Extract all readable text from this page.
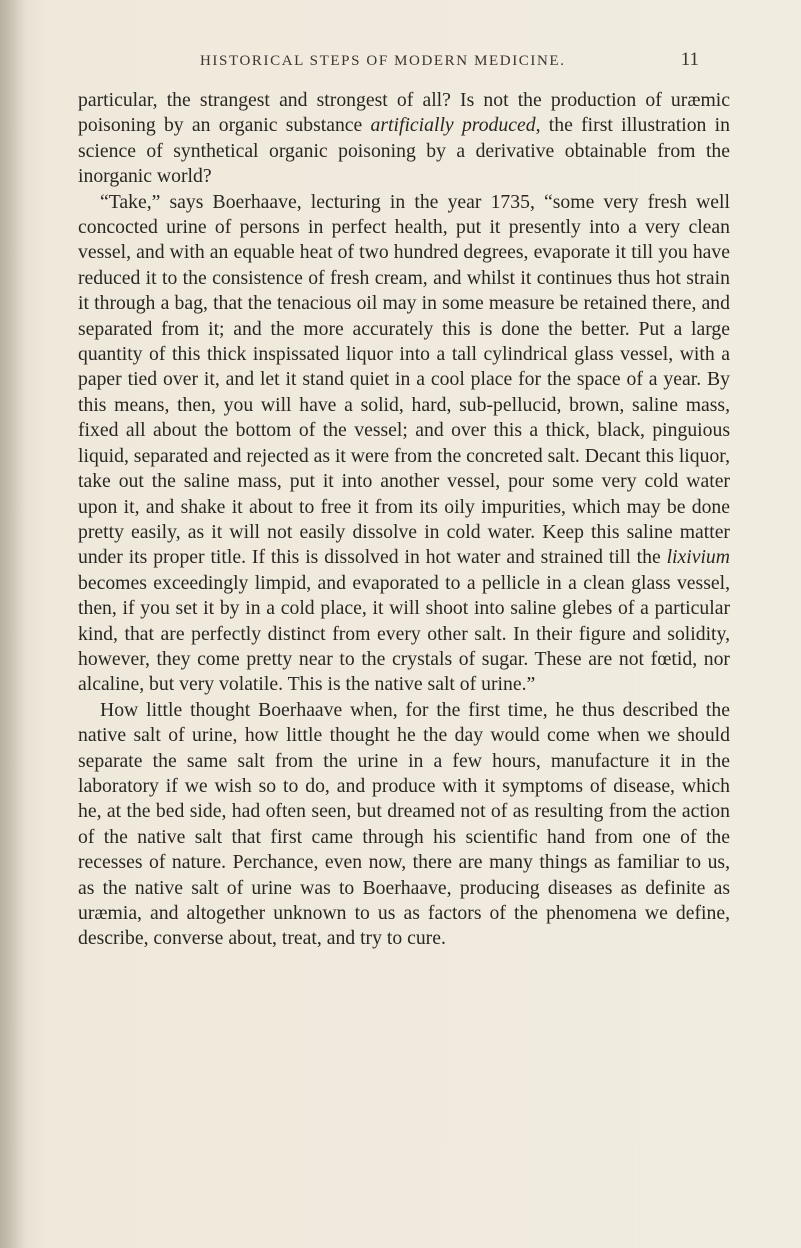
HISTORICAL STEPS OF MODERN MEDICINE.	11

particular, the strangest and strongest of all? Is not the production of uræmic poisoning by an organic substance artificially produced, the first illustration in science of synthetical organic poisoning by a derivative obtainable from the inorganic world?

“Take,” says Boerhaave, lecturing in the year 1735, “some very fresh well concocted urine of persons in perfect health, put it presently into a very clean vessel, and with an equable heat of two hundred degrees, evaporate it till you have reduced it to the consistence of fresh cream, and whilst it continues thus hot strain it through a bag, that the tenacious oil may in some measure be retained there, and separated from it; and the more accurately this is done the better. Put a large quantity of this thick inspissated liquor into a tall cylindrical glass vessel, with a paper tied over it, and let it stand quiet in a cool place for the space of a year. By this means, then, you will have a solid, hard, sub-pellucid, brown, saline mass, fixed all about the bottom of the vessel; and over this a thick, black, pinguious liquid, separated and rejected as it were from the concreted salt. Decant this liquor, take out the saline mass, put it into another vessel, pour some very cold water upon it, and shake it about to free it from its oily impurities, which may be done pretty easily, as it will not easily dissolve in cold water. Keep this saline matter under its proper title. If this is dissolved in hot water and strained till the lixivium becomes exceedingly limpid, and evaporated to a pellicle in a clean glass vessel, then, if you set it by in a cold place, it will shoot into saline glebes of a particular kind, that are perfectly distinct from every other salt. In their figure and solidity, however, they come pretty near to the crystals of sugar. These are not fœtid, nor alcaline, but very volatile. This is the native salt of urine.”

How little thought Boerhaave when, for the first time, he thus described the native salt of urine, how little thought he the day would come when we should separate the same salt from the urine in a few hours, manufacture it in the laboratory if we wish so to do, and produce with it symptoms of disease, which he, at the bed side, had often seen, but dreamed not of as resulting from the action of the native salt that first came through his scientific hand from one of the recesses of nature. Perchance, even now, there are many things as familiar to us, as the native salt of urine was to Boerhaave, producing diseases as definite as uræmia, and altogether unknown to us as factors of the phenomena we define, describe, converse about, treat, and try to cure.
